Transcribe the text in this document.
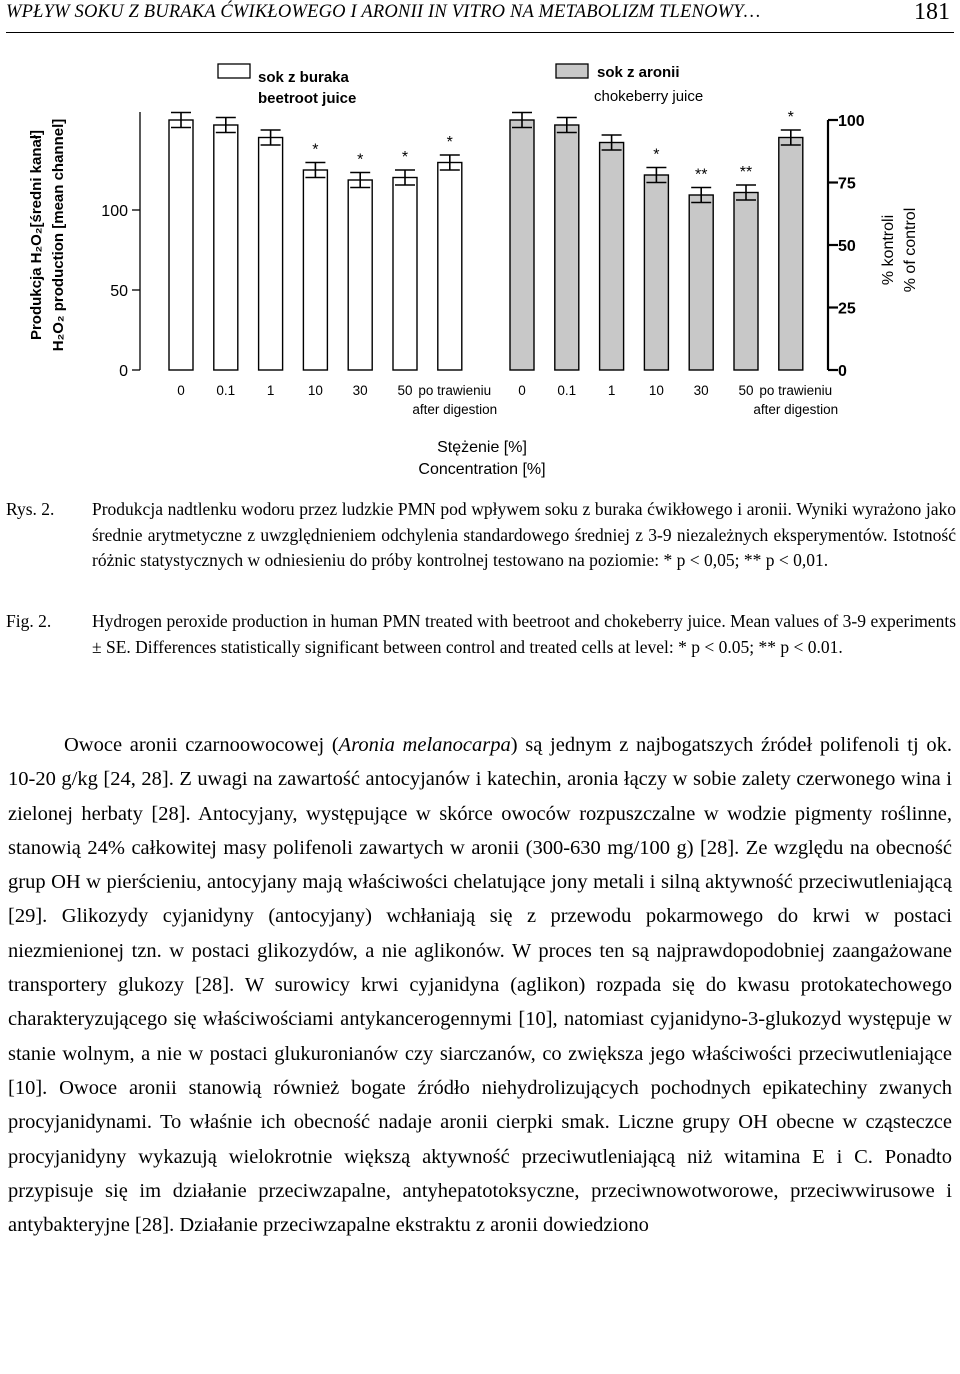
WPŁYW SOKU Z BURAKA ĆWIKŁOWEGO I ARONII IN VITRO NA METABOLIZM TLENOWY…	181
0
50
100
Produkcja H₂O₂[średni kanał] H₂O₂ production [mean channel]
0
25
50
75
100
% kontroli % of control
0 0.1 1
*
10
*
30
*
50
*
po trawieniu
after digestion
0 0.1 1
*
10
**
30
**
50
*
po trawieniu
after digestion
sok z buraka
beetroot juice
sok z aronii
chokeberry juice
Stężenie [%]
Concentration [%]
Rys. 2. Produkcja nadtlenku wodoru przez ludzkie PMN pod wpływem soku z buraka ćwikłowego i aronii. Wyniki wyrażono jako średnie arytmetyczne z uwzględnieniem odchylenia standardowego średniej z 3-9 niezależnych eksperymentów. Istotność różnic statystycznych w odniesieniu do próby kontrolnej testowano na poziomie: * p < 0,05; ** p < 0,01.
Fig. 2. Hydrogen peroxide production in human PMN treated with beetroot and chokeberry juice. Mean values of 3-9 experiments ± SE. Differences statistically significant between control and treated cells at level: * p < 0.05; ** p < 0.01.

Owoce aronii czarnoowocowej (Aronia melanocarpa) są jednym z najbogatszych źródeł polifenoli tj ok. 10-20 g/kg [24, 28]. Z uwagi na zawartość antocyjanów i katechin, aronia łączy w sobie zalety czerwonego wina i zielonej herbaty [28]. Antocyjany, występujące w skórce owoców rozpuszczalne w wodzie pigmenty roślinne, stanowią 24% całkowitej masy polifenoli zawartych w aronii (300-630 mg/100 g) [28]. Ze względu na obecność grup OH w pierścieniu, antocyjany mają właściwości chelatujące jony metali i silną aktywność przeciwutleniającą [29]. Glikozydy cyjanidyny (antocyjany) wchłaniają się z przewodu pokarmowego do krwi w postaci niezmienionej tzn. w postaci glikozydów, a nie aglikonów. W proces ten są najprawdopodobniej zaangażowane transportery glukozy [28]. W surowicy krwi cyjanidyna (aglikon) rozpada się do kwasu protokatechowego charakteryzującego się właściwościami antykancerogennymi [10], natomiast cyjanidyno-3-glukozyd występuje w stanie wolnym, a nie w postaci glukuronianów czy siarczanów, co zwiększa jego właściwości przeciwutleniające [10]. Owoce aronii stanowią również bogate źródło niehydrolizujących pochodnych epikatechiny zwanych procyjanidynami. To właśnie ich obecność nadaje aronii cierpki smak. Liczne grupy OH obecne w cząsteczce procyjanidyny wykazują wielokrotnie większą aktywność przeciwutleniającą niż witamina E i C. Ponadto przypisuje się im działanie przeciwzapalne, antyhepatotoksyczne, przeciwnowotworowe, przeciwwirusowe i antybakteryjne [28]. Działanie przeciwzapalne ekstraktu z aronii dowiedziono
